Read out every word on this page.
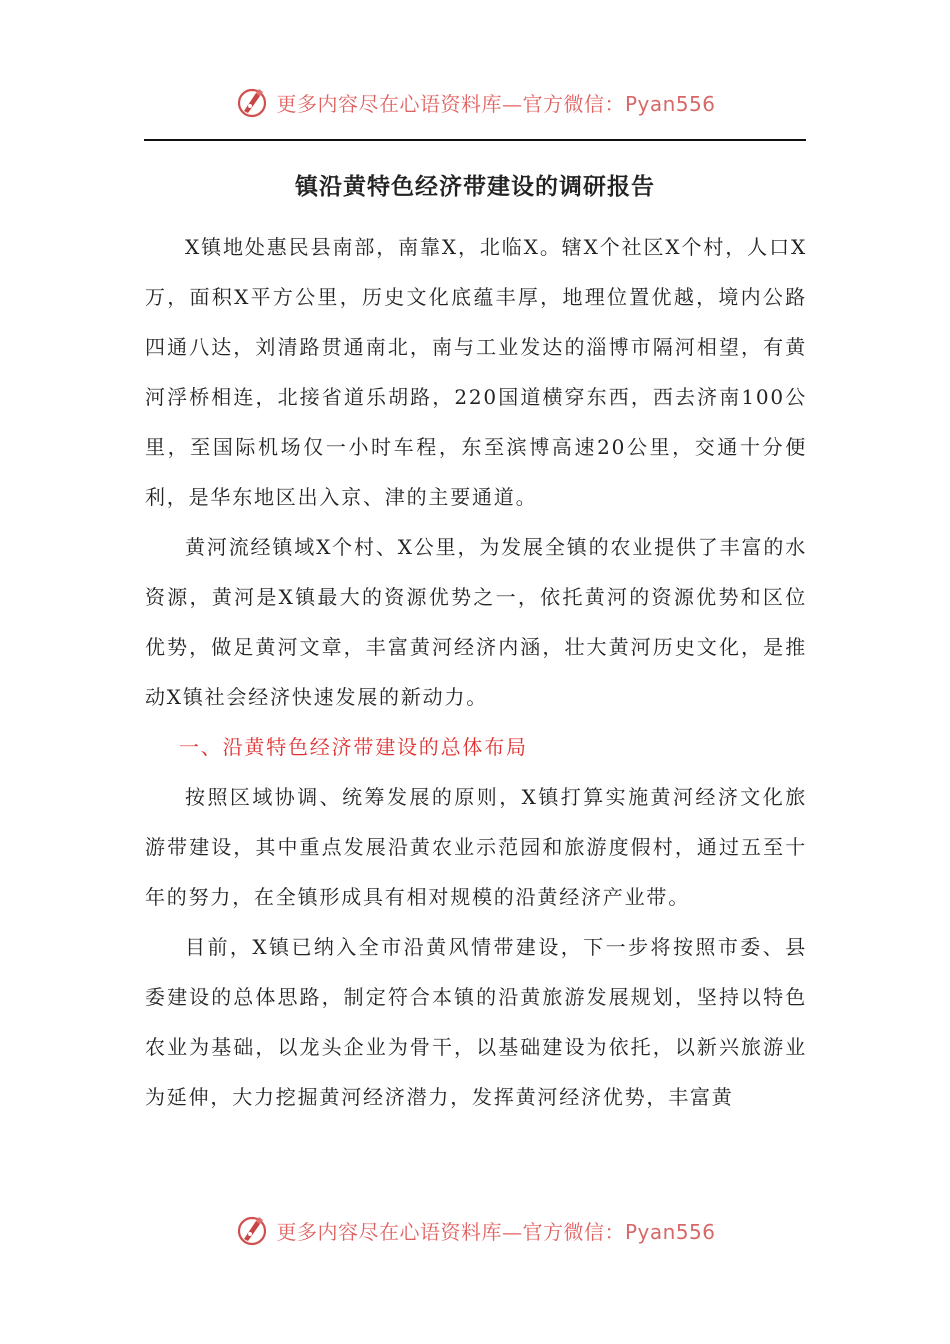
更多内容尽在心语资料库—官方微信：Pyan556
镇沿黄特色经济带建设的调研报告

X镇地处惠民县南部，南靠X，北临X。辖X个社区X个村，人口X万，面积X平方公里，历史文化底蕴丰厚，地理位置优越，境内公路四通八达，刘清路贯通南北，南与工业发达的淄博市隔河相望，有黄河浮桥相连，北接省道乐胡路，220国道横穿东西，西去济南100公里，至国际机场仅一小时车程，东至滨博高速20公里，交通十分便利，是华东地区出入京、津的主要通道。

黄河流经镇域X个村、X公里，为发展全镇的农业提供了丰富的水资源，黄河是X镇最大的资源优势之一，依托黄河的资源优势和区位优势，做足黄河文章，丰富黄河经济内涵，壮大黄河历史文化，是推动X镇社会经济快速发展的新动力。

一、沿黄特色经济带建设的总体布局

按照区域协调、统筹发展的原则，X镇打算实施黄河经济文化旅游带建设，其中重点发展沿黄农业示范园和旅游度假村，通过五至十年的努力，在全镇形成具有相对规模的沿黄经济产业带。

目前，X镇已纳入全市沿黄风情带建设，下一步将按照市委、县委建设的总体思路，制定符合本镇的沿黄旅游发展规划，坚持以特色农业为基础，以龙头企业为骨干，以基础建设为依托，以新兴旅游业为延伸，大力挖掘黄河经济潜力，发挥黄河经济优势，丰富黄

更多内容尽在心语资料库—官方微信：Pyan556
